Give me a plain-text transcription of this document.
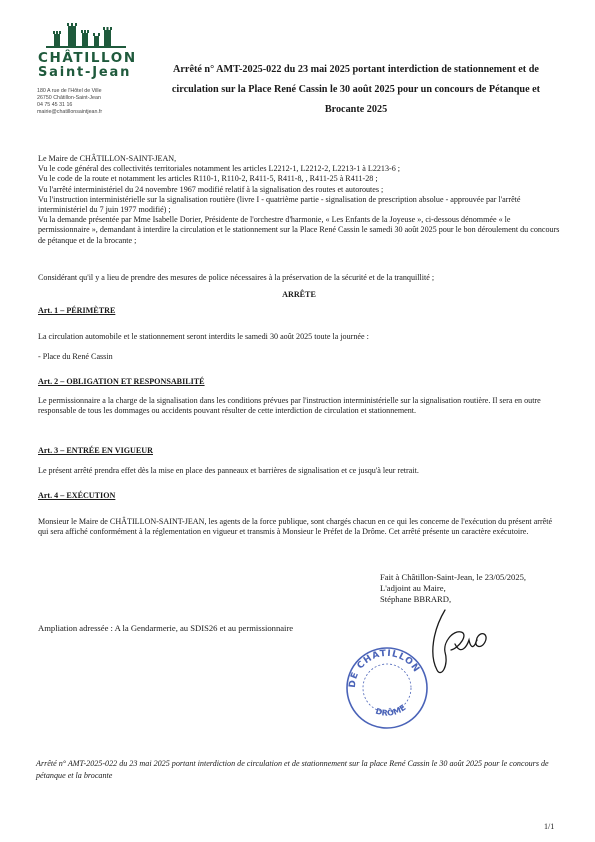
CHÂTILLON
Saint-Jean
180 A rue de l'Hôtel de Ville
26750 Châtillon-Saint-Jean
04 75 45 31 16
mairie@chatillonsaintjean.fr
Arrêté n° AMT-2025-022 du 23 mai 2025 portant interdiction de stationnement et de circulation sur la Place René Cassin le 30 août 2025 pour un concours de Pétanque et Brocante 2025

Le Maire de CHÂTILLON-SAINT-JEAN,

Vu le code général des collectivités territoriales notamment les articles L2212-1, L2212-2, L2213-1 à L2213-6 ;

Vu le code de la route et notamment les articles R110-1, R110-2, R411-5, R411-8, , R411-25 à R411-28 ;

Vu l'arrêté interministériel du 24 novembre 1967 modifié relatif à la signalisation des routes et autoroutes ;

Vu l'instruction interministérielle sur la signalisation routière (livre I - quatrième partie - signalisation de prescription absolue - approuvée par l'arrêté interministériel du 7 juin 1977 modifié) ;

Vu la demande présentée par Mme Isabelle Dorier, Présidente de l'orchestre d'harmonie, « Les Enfants de la Joyeuse », ci-dessous dénommée « le permissionnaire », demandant à interdire la circulation et le stationnement sur la Place René Cassin le samedi 30 août 2025 pour le bon déroulement du concours de pétanque et de la brocante ;

Considérant qu'il y a lieu de prendre des mesures de police nécessaires à la préservation de la sécurité et de la tranquillité ;
ARRÊTE
Art. 1 – PÉRIMÈTRE
La circulation automobile et le stationnement seront interdits le samedi 30 août 2025 toute la journée :
- Place du René Cassin
Art. 2 – OBLIGATION ET RESPONSABILITÉ
Le permissionnaire a la charge de la signalisation dans les conditions prévues par l'instruction interministérielle sur la signalisation routière. Il sera en outre responsable de tous les dommages ou accidents pouvant résulter de cette interdiction de circulation et stationnement.
Art. 3 – ENTRÉE EN VIGUEUR
Le présent arrêté prendra effet dès la mise en place des panneaux et barrières de signalisation et ce jusqu'à leur retrait.
Art. 4 – EXÉCUTION
Monsieur le Maire de CHÂTILLON-SAINT-JEAN, les agents de la force publique, sont chargés chacun en ce qui les concerne de l'exécution du présent arrêté qui sera affiché conformément à la réglementation en vigueur et transmis à Monsieur le Préfet de la Drôme. Cet arrêté présente un caractère exécutoire.
Fait à Châtillon-Saint-Jean, le 23/05/2025,
L'adjoint au Maire,
Stéphane BBRARD,
DE CHÂTILLON
DRÔME
Ampliation adressée : A la Gendarmerie, au SDIS26 et au permissionnaire
Arrêté n° AMT-2025-022 du 23 mai 2025 portant interdiction de circulation et de stationnement sur la place René Cassin le 30 août 2025 pour le concours de pétanque et la brocante
1/1
